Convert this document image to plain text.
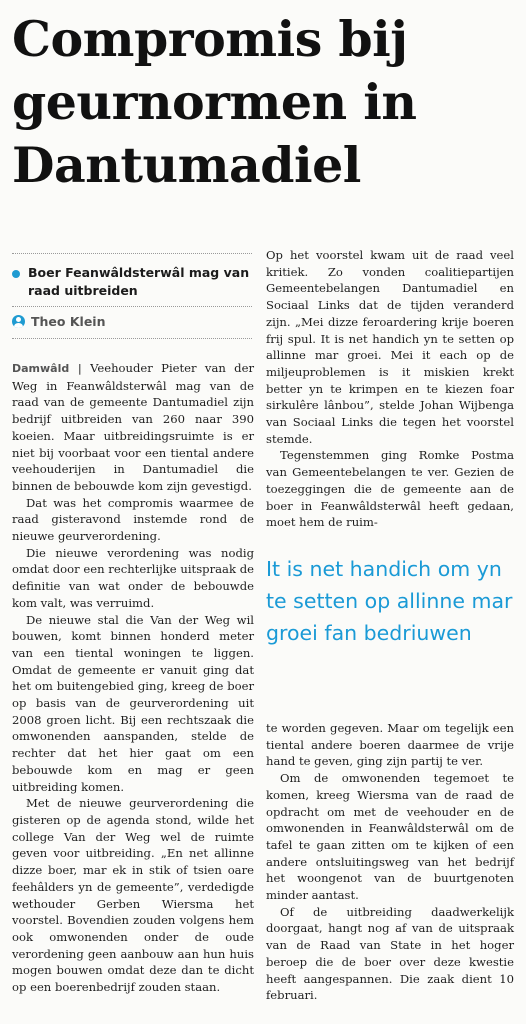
Compromis bij geurnormen in Dantumadiel
Boer Feanwâldsterwâl mag van raad uitbreiden
Theo Klein

Damwâld | Veehouder Pieter van der Weg in Feanwâldsterwâl mag van de raad van de gemeente Dantumadiel zijn bedrijf uitbreiden van 260 naar 390 koeien. Maar uitbreidingsruimte is er niet bij voorbaat voor een tiental andere veehouderijen in Dantumadiel die binnen de bebouwde kom zijn gevestigd.

Dat was het compromis waarmee de raad gisteravond instemde rond de nieuwe geurverordening.

Die nieuwe verordening was nodig omdat door een rechterlijke uitspraak de definitie van wat onder de bebouwde kom valt, was verruimd.

De nieuwe stal die Van der Weg wil bouwen, komt binnen honderd meter van een tiental woningen te liggen. Omdat de gemeente er vanuit ging dat het om buitengebied ging, kreeg de boer op basis van de geurverordening uit 2008 groen licht. Bij een rechtszaak die omwonenden aanspanden, stelde de rechter dat het hier gaat om een bebouwde kom en mag er geen uitbreiding komen.

Met de nieuwe geurverordening die gisteren op de agenda stond, wilde het college Van der Weg wel de ruimte geven voor uitbreiding. „En net allinne dizze boer, mar ek in stik of tsien oare feehâlders yn de gemeente”, verdedigde wethouder Gerben Wiersma het voorstel. Bovendien zouden volgens hem ook omwonenden onder de oude verordening geen aanbouw aan hun huis mogen bouwen omdat deze dan te dicht op een boerenbedrijf zouden staan.

Op het voorstel kwam uit de raad veel kritiek. Zo vonden coalitiepartijen Gemeentebelangen Dantumadiel en Sociaal Links dat de tijden veranderd zijn. „Mei dizze feroardering krije boeren frij spul. It is net handich yn te setten op allinne mar groei. Mei it each op de miljeuproblemen is it miskien krekt better yn te krimpen en te kiezen foar sirkulêre lânbou”, stelde Johan Wijbenga van Sociaal Links die tegen het voorstel stemde.

Tegenstemmen ging Romke Postma van Gemeentebelangen te ver. Gezien de toezeggingen die de gemeente aan de boer in Feanwâldsterwâl heeft gedaan, moet hem de ruim-

It is net handich om yn te setten op allinne mar groei fan bedriuwen

te worden gegeven. Maar om tegelijk een tiental andere boeren daarmee de vrije hand te geven, ging zijn partij te ver.

Om de omwonenden tegemoet te komen, kreeg Wiersma van de raad de opdracht om met de veehouder en de omwonenden in Feanwâldsterwâl om de tafel te gaan zitten om te kijken of een andere ontsluitingsweg van het bedrijf het woongenot van de buurtgenoten minder aantast.

Of de uitbreiding daadwerkelijk doorgaat, hangt nog af van de uitspraak van de Raad van State in het hoger beroep die de boer over deze kwestie heeft aangespannen. Die zaak dient 10 februari.
